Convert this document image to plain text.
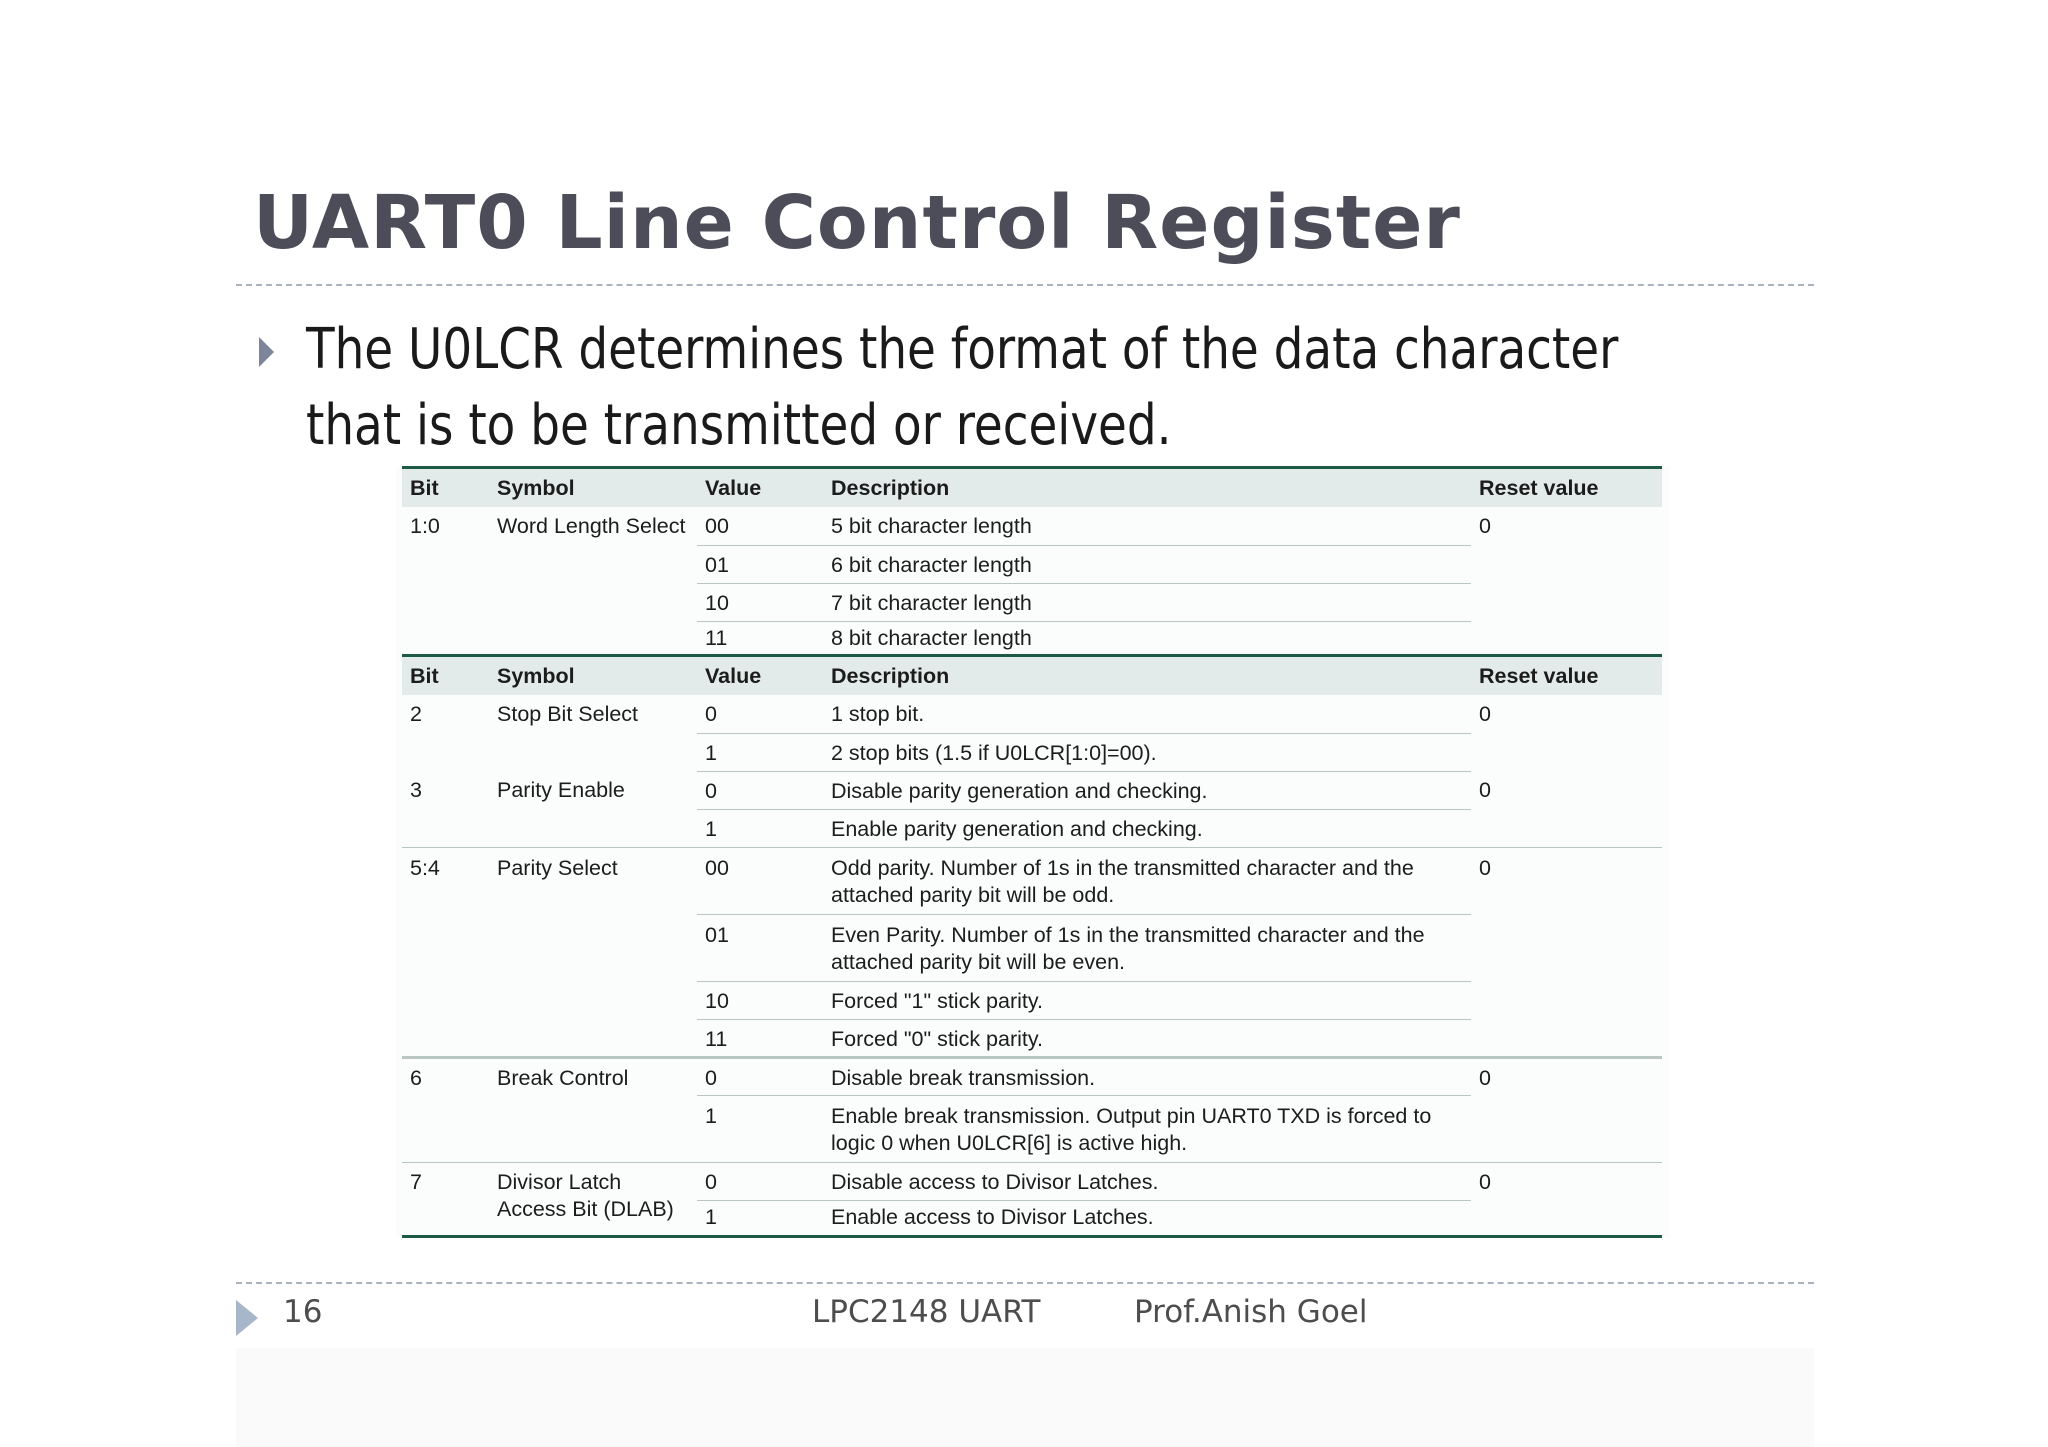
UART0 Line Control Register
The U0LCR determines the format of the data character that is to be transmitted or received.
Bit	Symbol	Value	Description	Reset value
1:0	Word Length Select	00	5 bit character length	0
		01	6 bit character length	
		10	7 bit character length	
		11	8 bit character length	
Bit	Symbol	Value	Description	Reset value
2	Stop Bit Select	0	1 stop bit.	0
		1	2 stop bits (1.5 if U0LCR[1:0]=00).	
3	Parity Enable	0	Disable parity generation and checking.	0
		1	Enable parity generation and checking.	
5:4	Parity Select	00	Odd parity. Number of 1s in the transmitted character and the attached parity bit will be odd.	0
		01	Even Parity. Number of 1s in the transmitted character and the attached parity bit will be even.	
		10	Forced "1" stick parity.	
		11	Forced "0" stick parity.	
6	Break Control	0	Disable break transmission.	0
		1	Enable break transmission. Output pin UART0 TXD is forced to logic 0 when U0LCR[6] is active high.	
7	Divisor Latch Access Bit (DLAB)	0	Disable access to Divisor Latches.	0
		1	Enable access to Divisor Latches.	
16	LPC2148 UART	Prof.Anish Goel
